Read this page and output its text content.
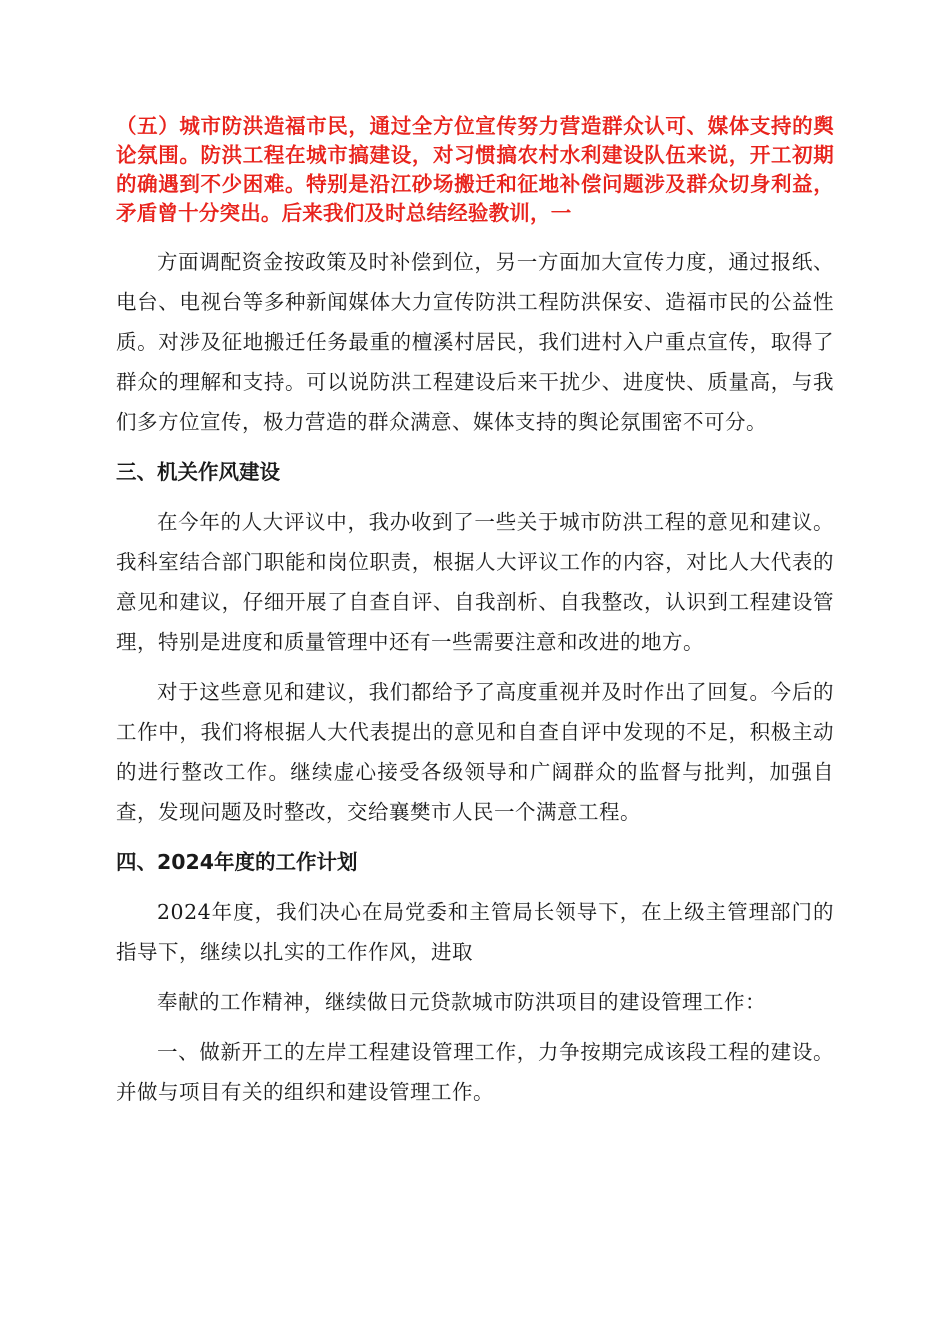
（五）城市防洪造福市民，通过全方位宣传努力营造群众认可、媒体支持的舆论氛围。防洪工程在城市搞建设，对习惯搞农村水利建设队伍来说，开工初期的确遇到不少困难。特别是沿江砂场搬迁和征地补偿问题涉及群众切身利益，矛盾曾十分突出。后来我们及时总结经验教训，一

方面调配资金按政策及时补偿到位，另一方面加大宣传力度，通过报纸、电台、电视台等多种新闻媒体大力宣传防洪工程防洪保安、造福市民的公益性质。对涉及征地搬迁任务最重的檀溪村居民，我们进村入户重点宣传，取得了群众的理解和支持。可以说防洪工程建设后来干扰少、进度快、质量高，与我们多方位宣传，极力营造的群众满意、媒体支持的舆论氛围密不可分。

三、机关作风建设

在今年的人大评议中，我办收到了一些关于城市防洪工程的意见和建议。我科室结合部门职能和岗位职责，根据人大评议工作的内容，对比人大代表的意见和建议，仔细开展了自查自评、自我剖析、自我整改，认识到工程建设管理，特别是进度和质量管理中还有一些需要注意和改进的地方。

对于这些意见和建议，我们都给予了高度重视并及时作出了回复。今后的工作中，我们将根据人大代表提出的意见和自查自评中发现的不足，积极主动的进行整改工作。继续虚心接受各级领导和广阔群众的监督与批判，加强自查，发现问题及时整改，交给襄樊市人民一个满意工程。

四、2024年度的工作计划

2024年度，我们决心在局党委和主管局长领导下，在上级主管理部门的指导下，继续以扎实的工作作风，进取

奉献的工作精神，继续做日元贷款城市防洪项目的建设管理工作：

一、做新开工的左岸工程建设管理工作，力争按期完成该段工程的建设。并做与项目有关的组织和建设管理工作。
